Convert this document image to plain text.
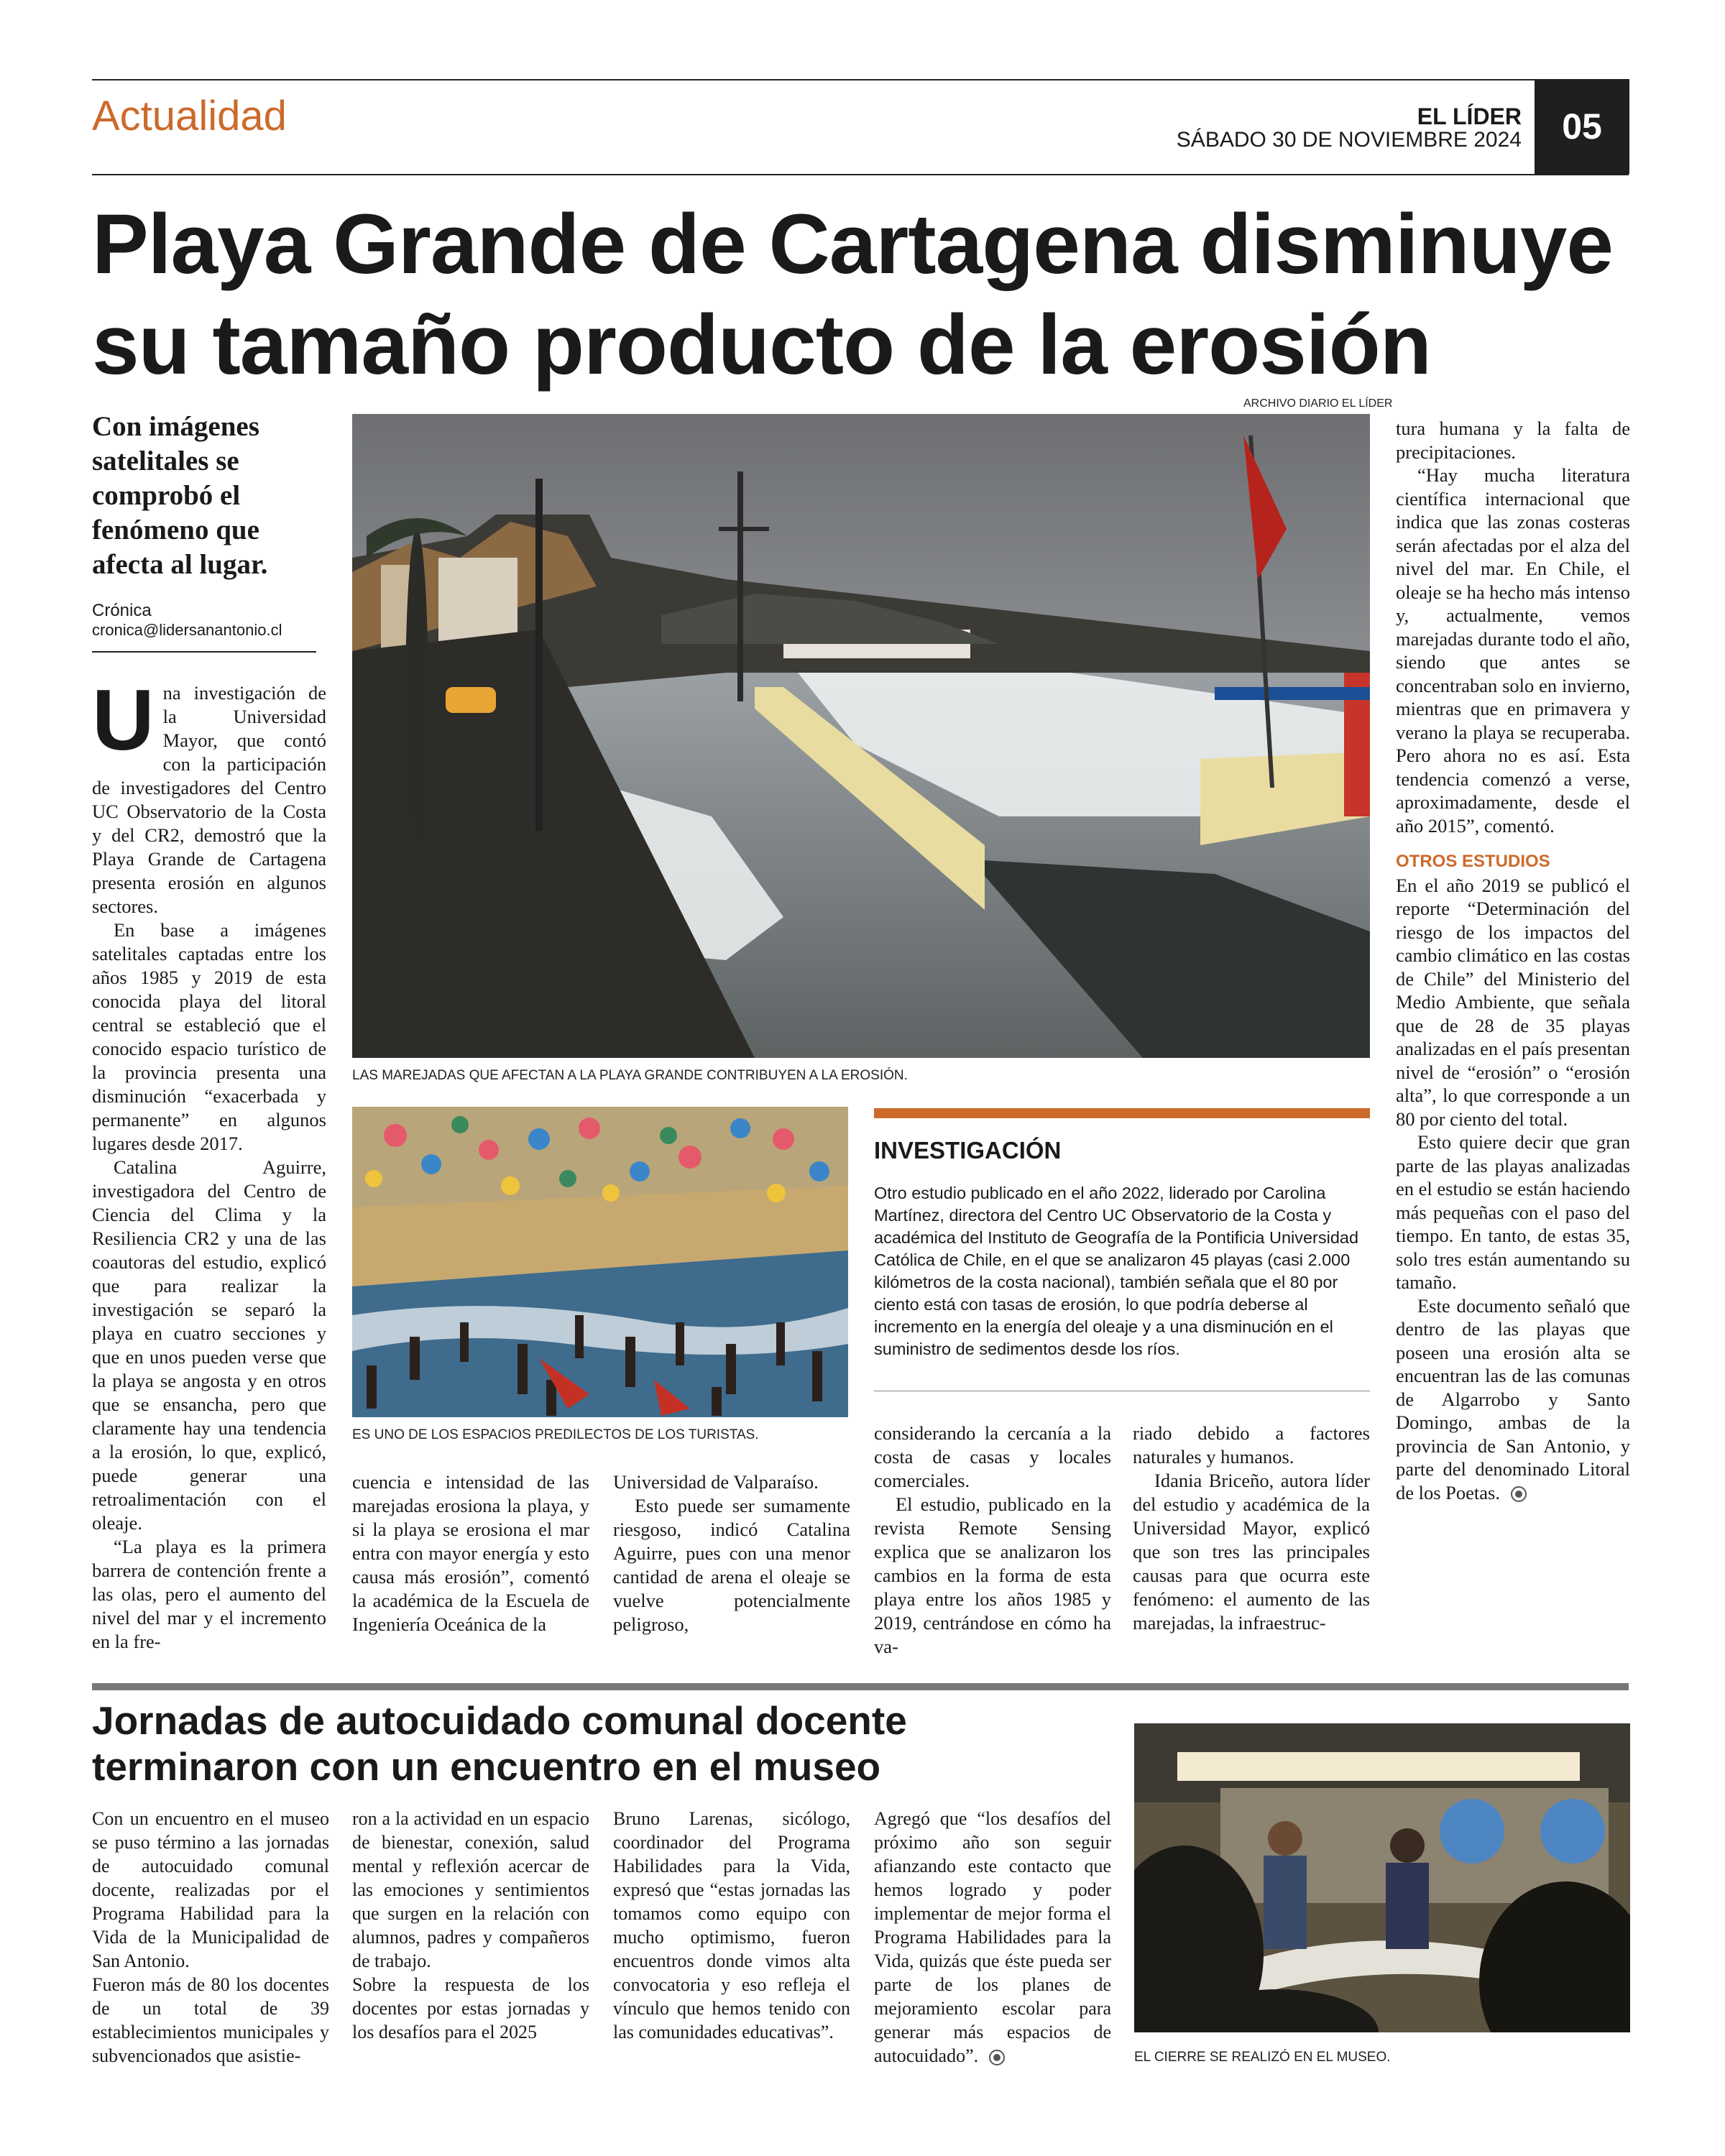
Actualidad	EL LÍDER
SÁBADO 30 DE NOVIEMBRE 2024	05
Playa Grande de Cartagena disminuye
su tamaño producto de la erosión
Con imágenes satelitales se comprobó el fenómeno que afecta al lugar.
Crónica
cronica@lidersanantonio.cl

U na investigación de la Universidad Mayor, que contó con la participación de investigadores del Centro UC Observatorio de la Costa y del CR2, demostró que la Playa Grande de Cartagena presenta erosión en algunos sectores.

En base a imágenes satelitales captadas entre los años 1985 y 2019 de esta conocida playa del litoral central se estableció que el conocido espacio turístico de la provincia presenta una disminución “exacerbada y permanente” en algunos lugares desde 2017.

Catalina Aguirre, investigadora del Centro de Ciencia del Clima y la Resiliencia CR2 y una de las coautoras del estudio, explicó que para realizar la investigación se separó la playa en cuatro secciones y que en unos pueden verse que la playa se angosta y en otros que se ensancha, pero que claramente hay una tendencia a la erosión, lo que, explicó, puede generar una retroalimentación con el oleaje.

“La playa es la primera barrera de contención frente a las olas, pero el aumento del nivel del mar y el incremento en la fre-

ARCHIVO DIARIO EL LÍDER
LAS MAREJADAS QUE AFECTAN A LA PLAYA GRANDE CONTRIBUYEN A LA EROSIÓN.
ES UNO DE LOS ESPACIOS PREDILECTOS DE LOS TURISTAS.

cuencia e intensidad de las marejadas erosiona la playa, y si la playa se erosiona el mar entra con mayor energía y esto causa más erosión”, comentó la académica de la Escuela de Ingeniería Oceánica de la

Universidad de Valparaíso.

Esto puede ser sumamente riesgoso, indicó Catalina Aguirre, pues con una menor cantidad de arena el oleaje se vuelve potencialmente peligroso,

INVESTIGACIÓN
Otro estudio publicado en el año 2022, liderado por Carolina Martínez, directora del Centro UC Observatorio de la Costa y académica del Instituto de Geografía de la Pontificia Universidad Católica de Chile, en el que se analizaron 45 playas (casi 2.000 kilómetros de la costa nacional), también señala que el 80 por ciento está con tasas de erosión, lo que podría deberse al incremento en la energía del oleaje y a una disminución en el suministro de sedimentos desde los ríos.

considerando la cercanía a la costa de casas y locales comerciales.

El estudio, publicado en la revista Remote Sensing explica que se analizaron los cambios en la forma de esta playa entre los años 1985 y 2019, centrándose en cómo ha va-

riado debido a factores naturales y humanos.

Idania Briceño, autora líder del estudio y académica de la Universidad Mayor, explicó que son tres las principales causas para que ocurra este fenómeno: el aumento de las marejadas, la infraestruc-

tura humana y la falta de precipitaciones.

“Hay mucha literatura científica internacional que indica que las zonas costeras serán afectadas por el alza del nivel del mar. En Chile, el oleaje se ha hecho más intenso y, actualmente, vemos marejadas durante todo el año, siendo que antes se concentraban solo en invierno, mientras que en primavera y verano la playa se recuperaba. Pero ahora no es así. Esta tendencia comenzó a verse, aproximadamente, desde el año 2015”, comentó.

OTROS ESTUDIOS

En el año 2019 se publicó el reporte “Determinación del riesgo de los impactos del cambio climático en las costas de Chile” del Ministerio del Medio Ambiente, que señala que de 28 de 35 playas analizadas en el país presentan nivel de “erosión” o “erosión alta”, lo que corresponde a un 80 por ciento del total.

Esto quiere decir que gran parte de las playas analizadas en el estudio se están haciendo más pequeñas con el paso del tiempo. En tanto, de estas 35, solo tres están aumentando su tamaño.

Este documento señaló que dentro de las playas que poseen una erosión alta se encuentran las de las comunas de Algarrobo y Santo Domingo, ambas de la provincia de San Antonio, y parte del denominado Litoral de los Poetas.

Jornadas de autocuidado comunal docente
terminaron con un encuentro en el museo

Con un encuentro en el museo se puso término a las jornadas de autocuidado comunal docente, realizadas por el Programa Habilidad para la Vida de la Municipalidad de San Antonio.

Fueron más de 80 los docentes de un total de 39 establecimientos municipales y subvencionados que asistie-

ron a la actividad en un espacio de bienestar, conexión, salud mental y reflexión acercar de las emociones y sentimientos que surgen en la relación con alumnos, padres y compañeros de trabajo.

Sobre la respuesta de los docentes por estas jornadas y los desafíos para el 2025

Bruno Larenas, sicólogo, coordinador del Programa Habilidades para la Vida, expresó que “estas jornadas las tomamos como equipo con mucho optimismo, fueron encuentros donde vimos alta convocatoria y eso refleja el vínculo que hemos tenido con las comunidades educativas”.

Agregó que “los desafíos del próximo año son seguir afianzando este contacto que hemos logrado y poder implementar de mejor forma el Programa Habilidades para la Vida, quizás que éste pueda ser parte de los planes de mejoramiento escolar para generar más espacios de autocuidado”.	EL CIERRE SE REALIZÓ EN EL MUSEO.
